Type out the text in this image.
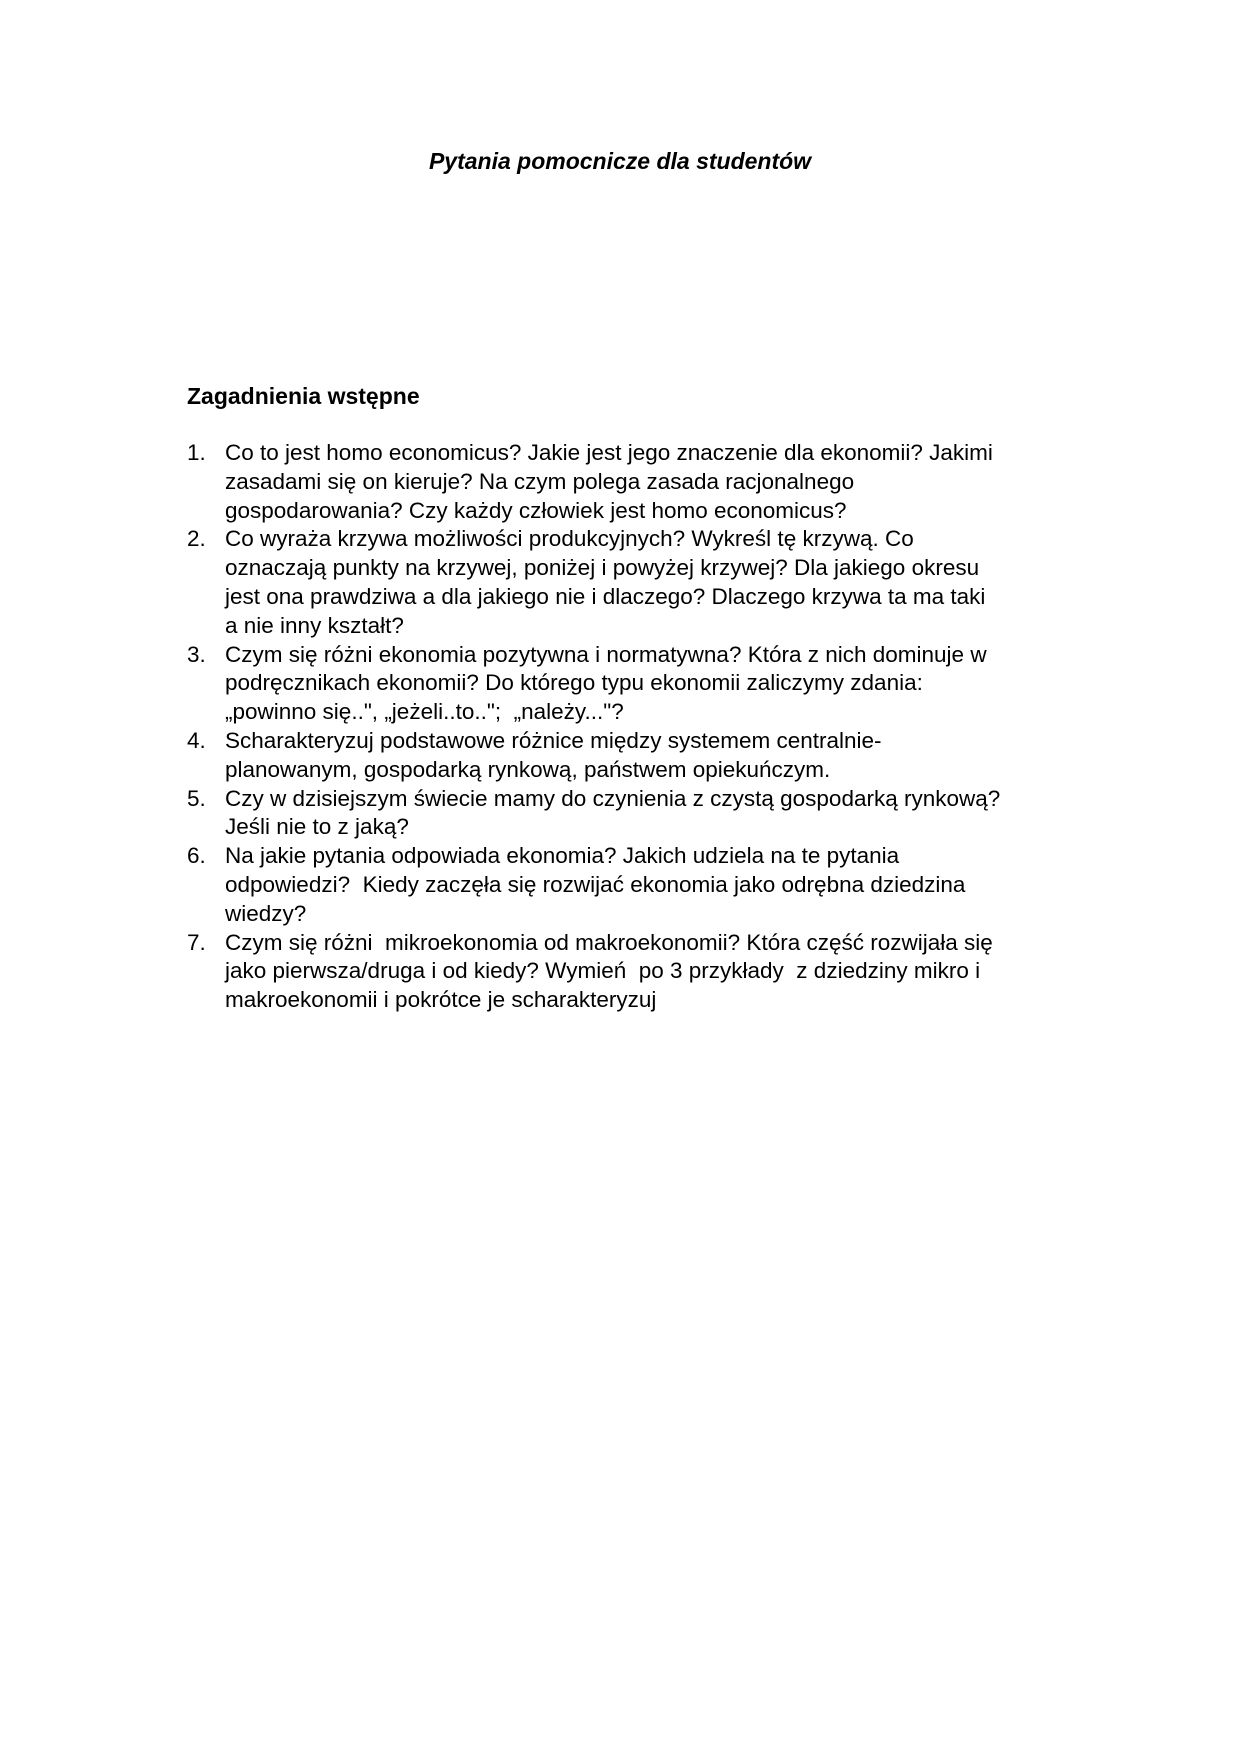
Pytania pomocnicze dla studentów
Zagadnienia wstępne
1. Co to jest homo economicus? Jakie jest jego znaczenie dla ekonomii? Jakimi
zasadami się on kieruje? Na czym polega zasada racjonalnego
gospodarowania? Czy każdy człowiek jest homo economicus?
2. Co wyraża krzywa możliwości produkcyjnych? Wykreśl tę krzywą. Co
oznaczają punkty na krzywej, poniżej i powyżej krzywej? Dla jakiego okresu
jest ona prawdziwa a dla jakiego nie i dlaczego? Dlaczego krzywa ta ma taki
a nie inny kształt?
3. Czym się różni ekonomia pozytywna i normatywna? Która z nich dominuje w
podręcznikach ekonomii? Do którego typu ekonomii zaliczymy zdania:
„powinno się..", „jeżeli..to..";  „należy..."?
4. Scharakteryzuj podstawowe różnice między systemem centralnie-
planowanym, gospodarką rynkową, państwem opiekuńczym.
5. Czy w dzisiejszym świecie mamy do czynienia z czystą gospodarką rynkową?
Jeśli nie to z jaką?
6. Na jakie pytania odpowiada ekonomia? Jakich udziela na te pytania
odpowiedzi?  Kiedy zaczęła się rozwijać ekonomia jako odrębna dziedzina
wiedzy?
7. Czym się różni  mikroekonomia od makroekonomii? Która część rozwijała się
jako pierwsza/druga i od kiedy? Wymień  po 3 przykłady  z dziedziny mikro i
makroekonomii i pokrótce je scharakteryzuj
